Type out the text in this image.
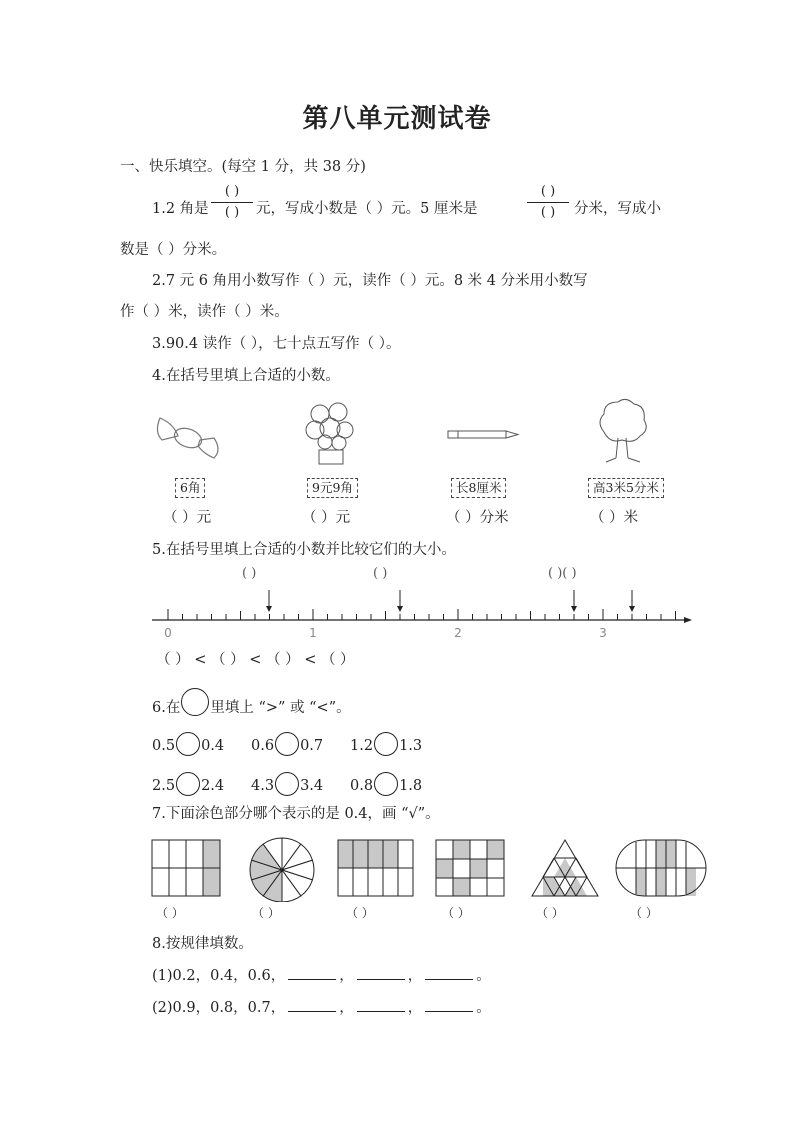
第八单元测试卷
一、快乐填空。(每空 1 分，共 38 分)
1.2 角是
( )
( )	元，写成小数是（ ）元。5 厘米是
( )
( )	分米，写成小
数是（ ）分米。
2.7 元 6 角用小数写作（ ）元，读作（ ）元。8 米 4 分米用小数写
作（ ）米，读作（ ）米。
3.90.4 读作（ ），七十点五写作（ ）。
4.在括号里填上合适的小数。
6角	9元9角	长8厘米	高3米5分米
（ ）元	（ ）元	（ ）分米	（ ）米
5.在括号里填上合适的小数并比较它们的大小。
( )	( )	( )( )
0	1	2	3
（ ） < （ ） < （ ） < （ ）
6.在 里填上 “>” 或 “<”。
0.5 0.4 0.6 0.7 1.2 1.3
2.5 2.4 4.3 3.4 0.8 1.8
7.下面涂色部分哪个表示的是 0.4，画 “√”。
（ ）	（ ）	（ ）	（ ）	（ ）	（ ）
8.按规律填数。
(1)0.2，0.4，0.6，	，	，	。
(2)0.9，0.8，0.7，	，	，	。
